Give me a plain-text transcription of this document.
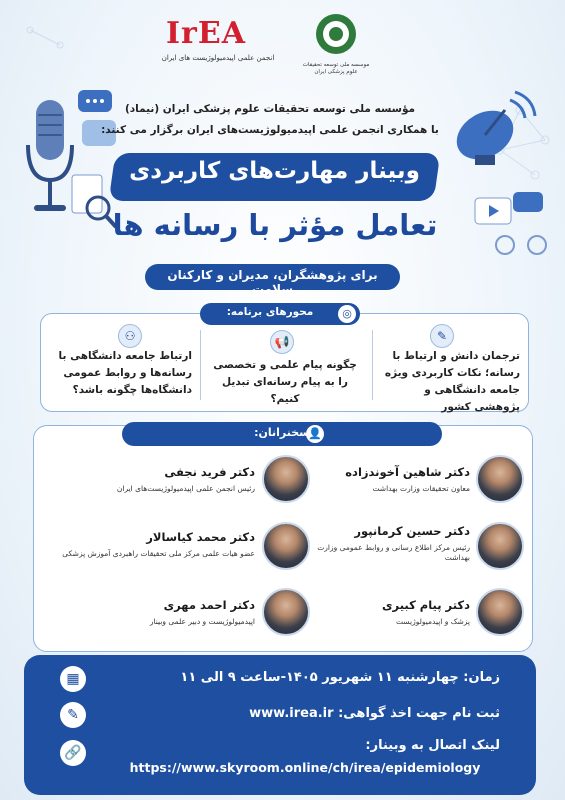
IrEA
انجمن علمی اپیدمیولوژیست های ایران
موسسه ملی توسعه تحقیقات علوم پزشکی ایران
مؤسسه ملی توسعه تحقیقات علوم پزشکی ایران (نیماد)
با همکاری انجمن علمی اپیدمیولوژیست‌های ایران برگزار می کنند:
وبینار مهارت‌های کاربردی
تعامل مؤثر با رسانه ها
برای پژوهشگران، مدیران و کارکنان سلامت
◎
محورهای برنامه:
✎
ترجمان دانش و ارتباط با رسانه؛ نکات کاربردی ویژه جامعه دانشگاهی و پژوهشی کشور
📢
چگونه پیام علمی و تخصصی را به پیام رسانه‌ای تبدیل کنیم؟
⚇
ارتباط جامعه دانشگاهی با رسانه‌ها و روابط عمومی دانشگاه‌ها چگونه باشد؟
👤
سخنرانان:
دکتر شاهین آخوندزاده
معاون تحقیقات وزارت بهداشت
دکتر فرید نجفی
رئیس انجمن علمی اپیدمیولوژیست‌های ایران
دکتر حسین کرمانپور
رئیس مرکز اطلاع رسانی و روابط عمومی وزارت بهداشت
دکتر محمد کیاسالار
عضو هیات علمی مرکز ملی تحقیقات راهبردی آموزش پزشکی
دکتر پیام کبیری
پزشک و اپیدمیولوژیست
دکتر احمد مهری
اپیدمیولوژیست و دبیر علمی وبینار
▦	زمان: چهارشنبه ۱۱ شهریور ۱۴۰۵-ساعت ۹ الی ۱۱
✎	ثبت نام جهت اخذ گواهی: www.irea.ir
🔗	لینک اتصال به وبینار:
https://www.skyroom.online/ch/irea/epidemiology
